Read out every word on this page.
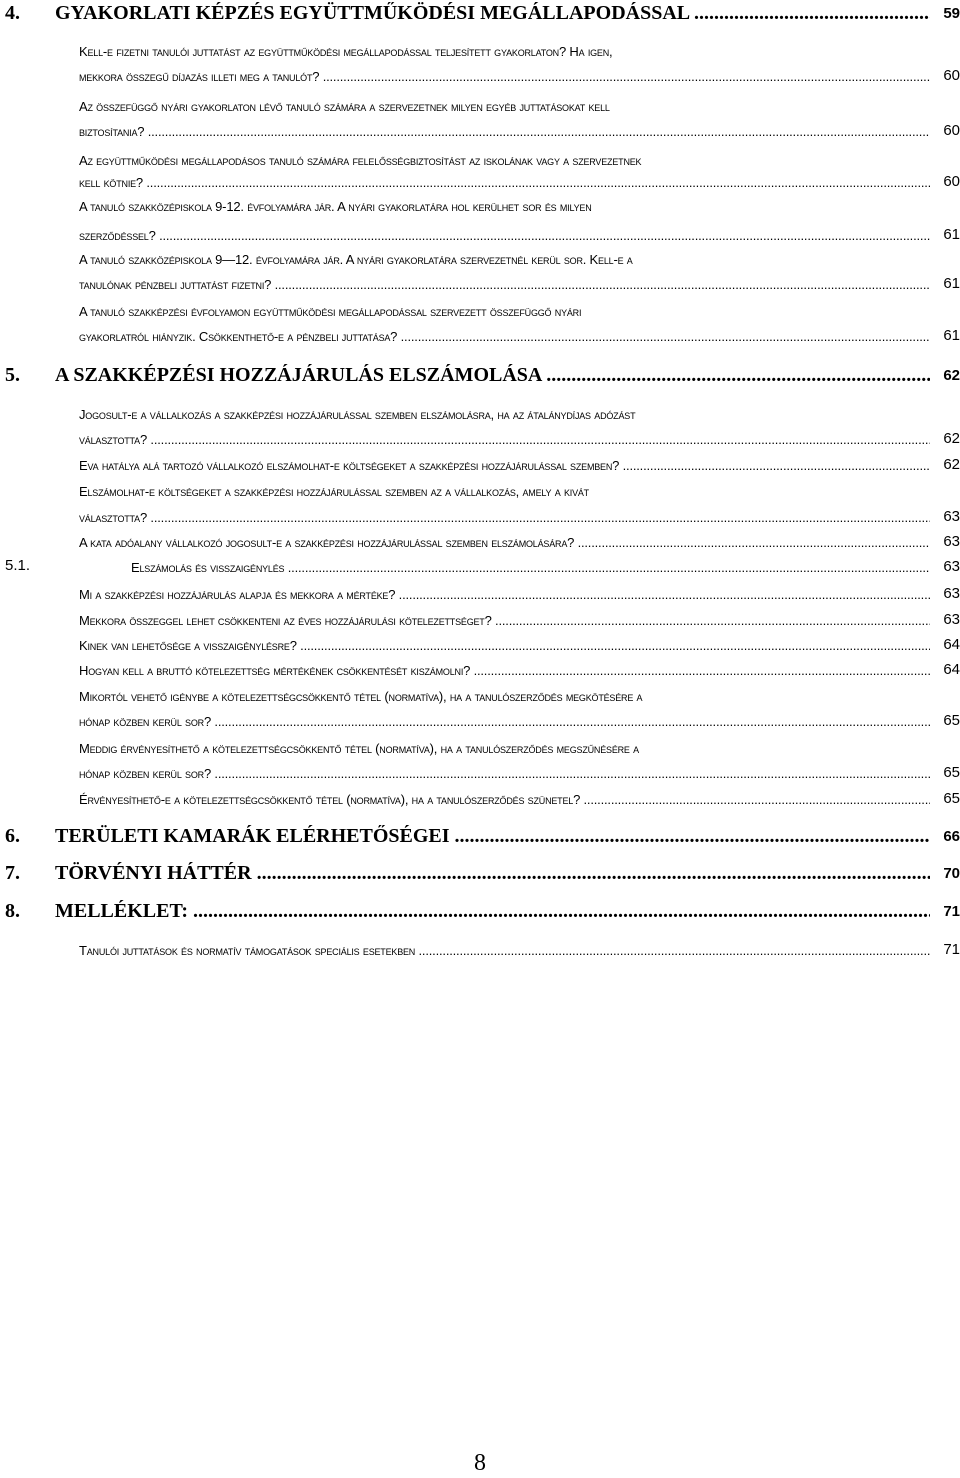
4. GYAKORLATI KÉPZÉS EGYÜTTMŰKÖDÉSI MEGÁLLAPODÁSSAL .....	59
Kell-e fizetni tanulói juttatást az együttműködési megállapodással teljesített gyakorlaton? Ha igen,
mekkora összegű díjazás illeti meg a tanulót? .....	60
Az összefüggő nyári gyakorlaton lévő tanuló számára a szervezetnek milyen egyéb juttatásokat kell
biztosítania? .....	60
Az együttműködési megállapodásos tanuló számára felelősségbiztosítást az iskolának vagy a szervezetnek
kell kötnie? .....	60
A tanuló szakközépiskola 9-12. évfolyamára jár. A nyári gyakorlatára hol kerülhet sor és milyen
szerződéssel? .....	61
A tanuló szakközépiskola 9—12. évfolyamára jár. A nyári gyakorlatára szervezetnél kerül sor. Kell-e a
tanulónak pénzbeli juttatást fizetni? .....	61
A tanuló szakképzési évfolyamon együttműködési megállapodással szervezett összefüggő nyári
gyakorlatról hiányzik. Csökkenthető-e a pénzbeli juttatása? .....	61
5. A SZAKKÉPZÉSI HOZZÁJÁRULÁS ELSZÁMOLÁSA .....	62
Jogosult-e a vállalkozás a szakképzési hozzájárulással szemben elszámolásra, ha az átalánydíjas adózást
választotta? .....	62
Eva hatálya alá tartozó vállalkozó elszámolhat-e költségeket a szakképzési hozzájárulással szemben? .....	62
Elszámolhat-e költségeket a szakképzési hozzájárulással szemben az a vállalkozás, amely a kivát
választotta? .....	63
A kata adóalany vállalkozó jogosult-e a szakképzési hozzájárulással szemben elszámolására? .....	63
5.1.	Elszámolás és visszaigénylés .....	63
Mi a szakképzési hozzájárulás alapja és mekkora a mértéke? .....	63
Mekkora összeggel lehet csökkenteni az éves hozzájárulási kötelezettséget? .....	63
Kinek van lehetősége a visszaigénylésre? .....	64
Hogyan kell a bruttó kötelezettség mértékének csökkentését kiszámolni? .....	64
Mikortól vehető igénybe a kötelezettségcsökkentő tétel (normatíva), ha a tanulószerződés megkötésére a
hónap közben kerül sor? .....	65
Meddig érvényesíthető a kötelezettségcsökkentő tétel (normatíva), ha a tanulószerződés megszűnésére a
hónap közben kerül sor? .....	65
Érvényesíthető-e a kötelezettségcsökkentő tétel (normatíva), ha a tanulószerződés szünetel? .....	65
6. TERÜLETI KAMARÁK ELÉRHETŐSÉGEI .....	66
7. TÖRVÉNYI HÁTTÉR .....	70
8. MELLÉKLET: .....	71
Tanulói juttatások és normatív támogatások speciális esetekben .....	71
8
